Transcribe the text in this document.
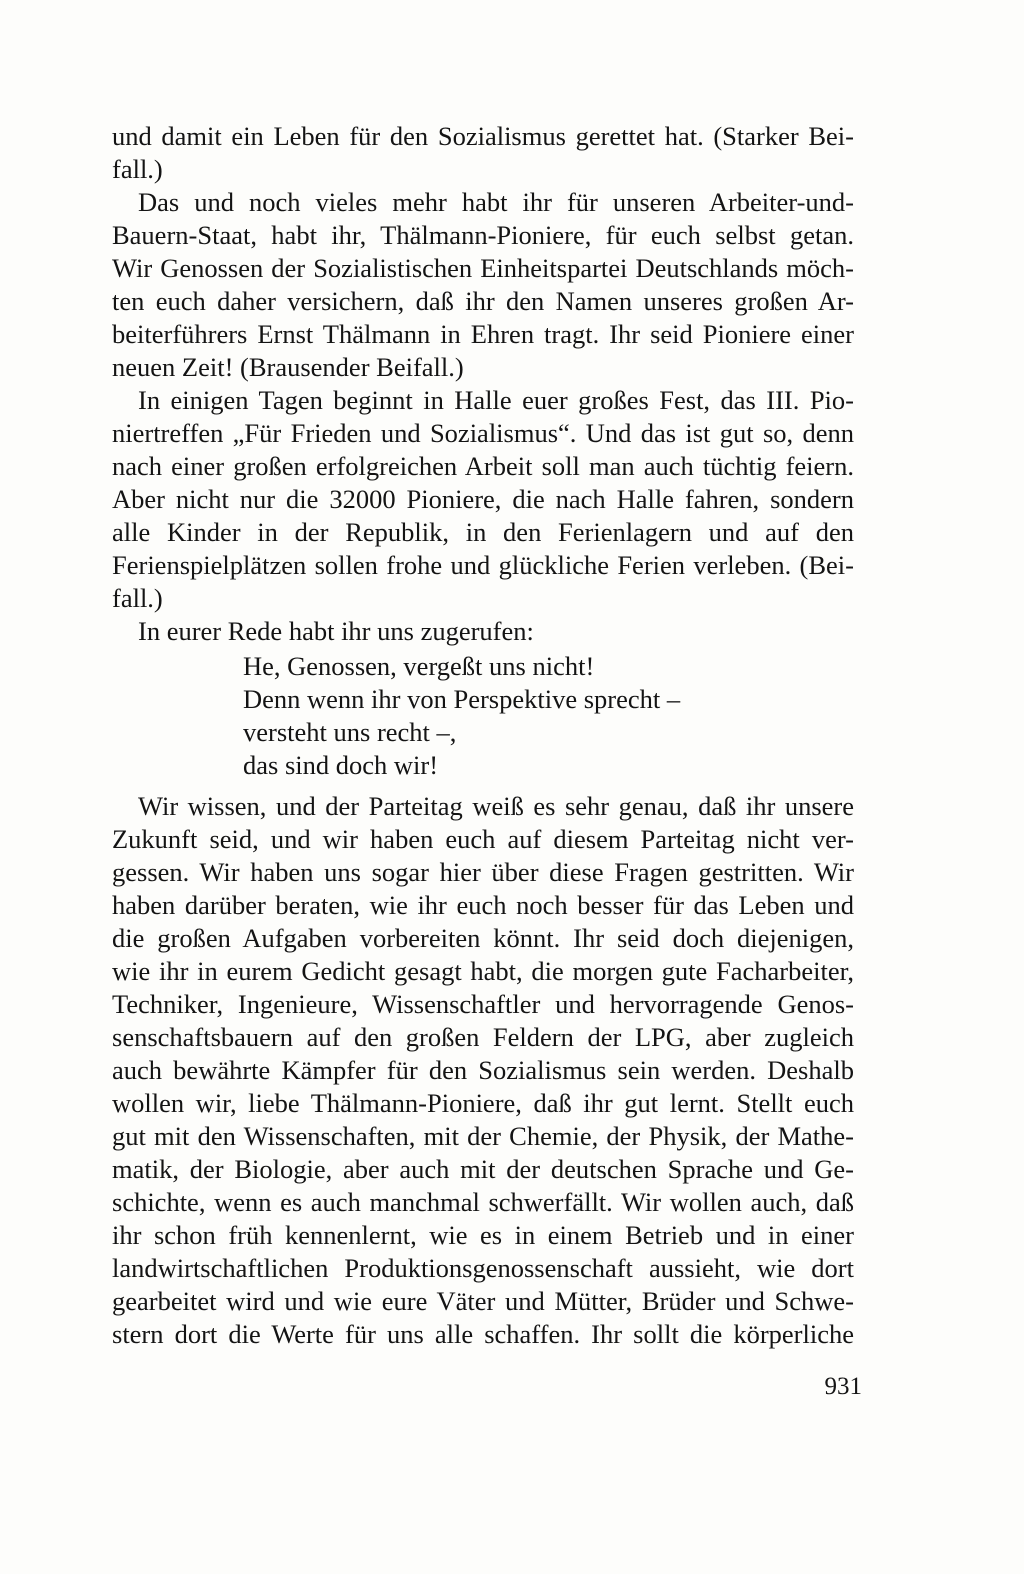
und damit ein Leben für den Sozialismus gerettet hat. (Starker Bei-
fall.)
Das und noch vieles mehr habt ihr für unseren Arbeiter-und-
Bauern-Staat, habt ihr, Thälmann-Pioniere, für euch selbst getan.
Wir Genossen der Sozialistischen Einheitspartei Deutschlands möch-
ten euch daher versichern, daß ihr den Namen unseres großen Ar-
beiterführers Ernst Thälmann in Ehren tragt. Ihr seid Pioniere einer
neuen Zeit! (Brausender Beifall.)
In einigen Tagen beginnt in Halle euer großes Fest, das III. Pio-
niertreffen „Für Frieden und Sozialismus“. Und das ist gut so, denn
nach einer großen erfolgreichen Arbeit soll man auch tüchtig feiern.
Aber nicht nur die 32000 Pioniere, die nach Halle fahren, sondern
alle Kinder in der Republik, in den Ferienlagern und auf den
Ferienspielplätzen sollen frohe und glückliche Ferien verleben. (Bei-
fall.)
In eurer Rede habt ihr uns zugerufen:
He, Genossen, vergeßt uns nicht!
Denn wenn ihr von Perspektive sprecht –
versteht uns recht –,
das sind doch wir!
Wir wissen, und der Parteitag weiß es sehr genau, daß ihr unsere
Zukunft seid, und wir haben euch auf diesem Parteitag nicht ver-
gessen. Wir haben uns sogar hier über diese Fragen gestritten. Wir
haben darüber beraten, wie ihr euch noch besser für das Leben und
die großen Aufgaben vorbereiten könnt. Ihr seid doch diejenigen,
wie ihr in eurem Gedicht gesagt habt, die morgen gute Facharbeiter,
Techniker, Ingenieure, Wissenschaftler und hervorragende Genos-
senschaftsbauern auf den großen Feldern der LPG, aber zugleich
auch bewährte Kämpfer für den Sozialismus sein werden. Deshalb
wollen wir, liebe Thälmann-Pioniere, daß ihr gut lernt. Stellt euch
gut mit den Wissenschaften, mit der Chemie, der Physik, der Mathe-
matik, der Biologie, aber auch mit der deutschen Sprache und Ge-
schichte, wenn es auch manchmal schwerfällt. Wir wollen auch, daß
ihr schon früh kennenlernt, wie es in einem Betrieb und in einer
landwirtschaftlichen Produktionsgenossenschaft aussieht, wie dort
gearbeitet wird und wie eure Väter und Mütter, Brüder und Schwe-
stern dort die Werte für uns alle schaffen. Ihr sollt die körperliche
931
